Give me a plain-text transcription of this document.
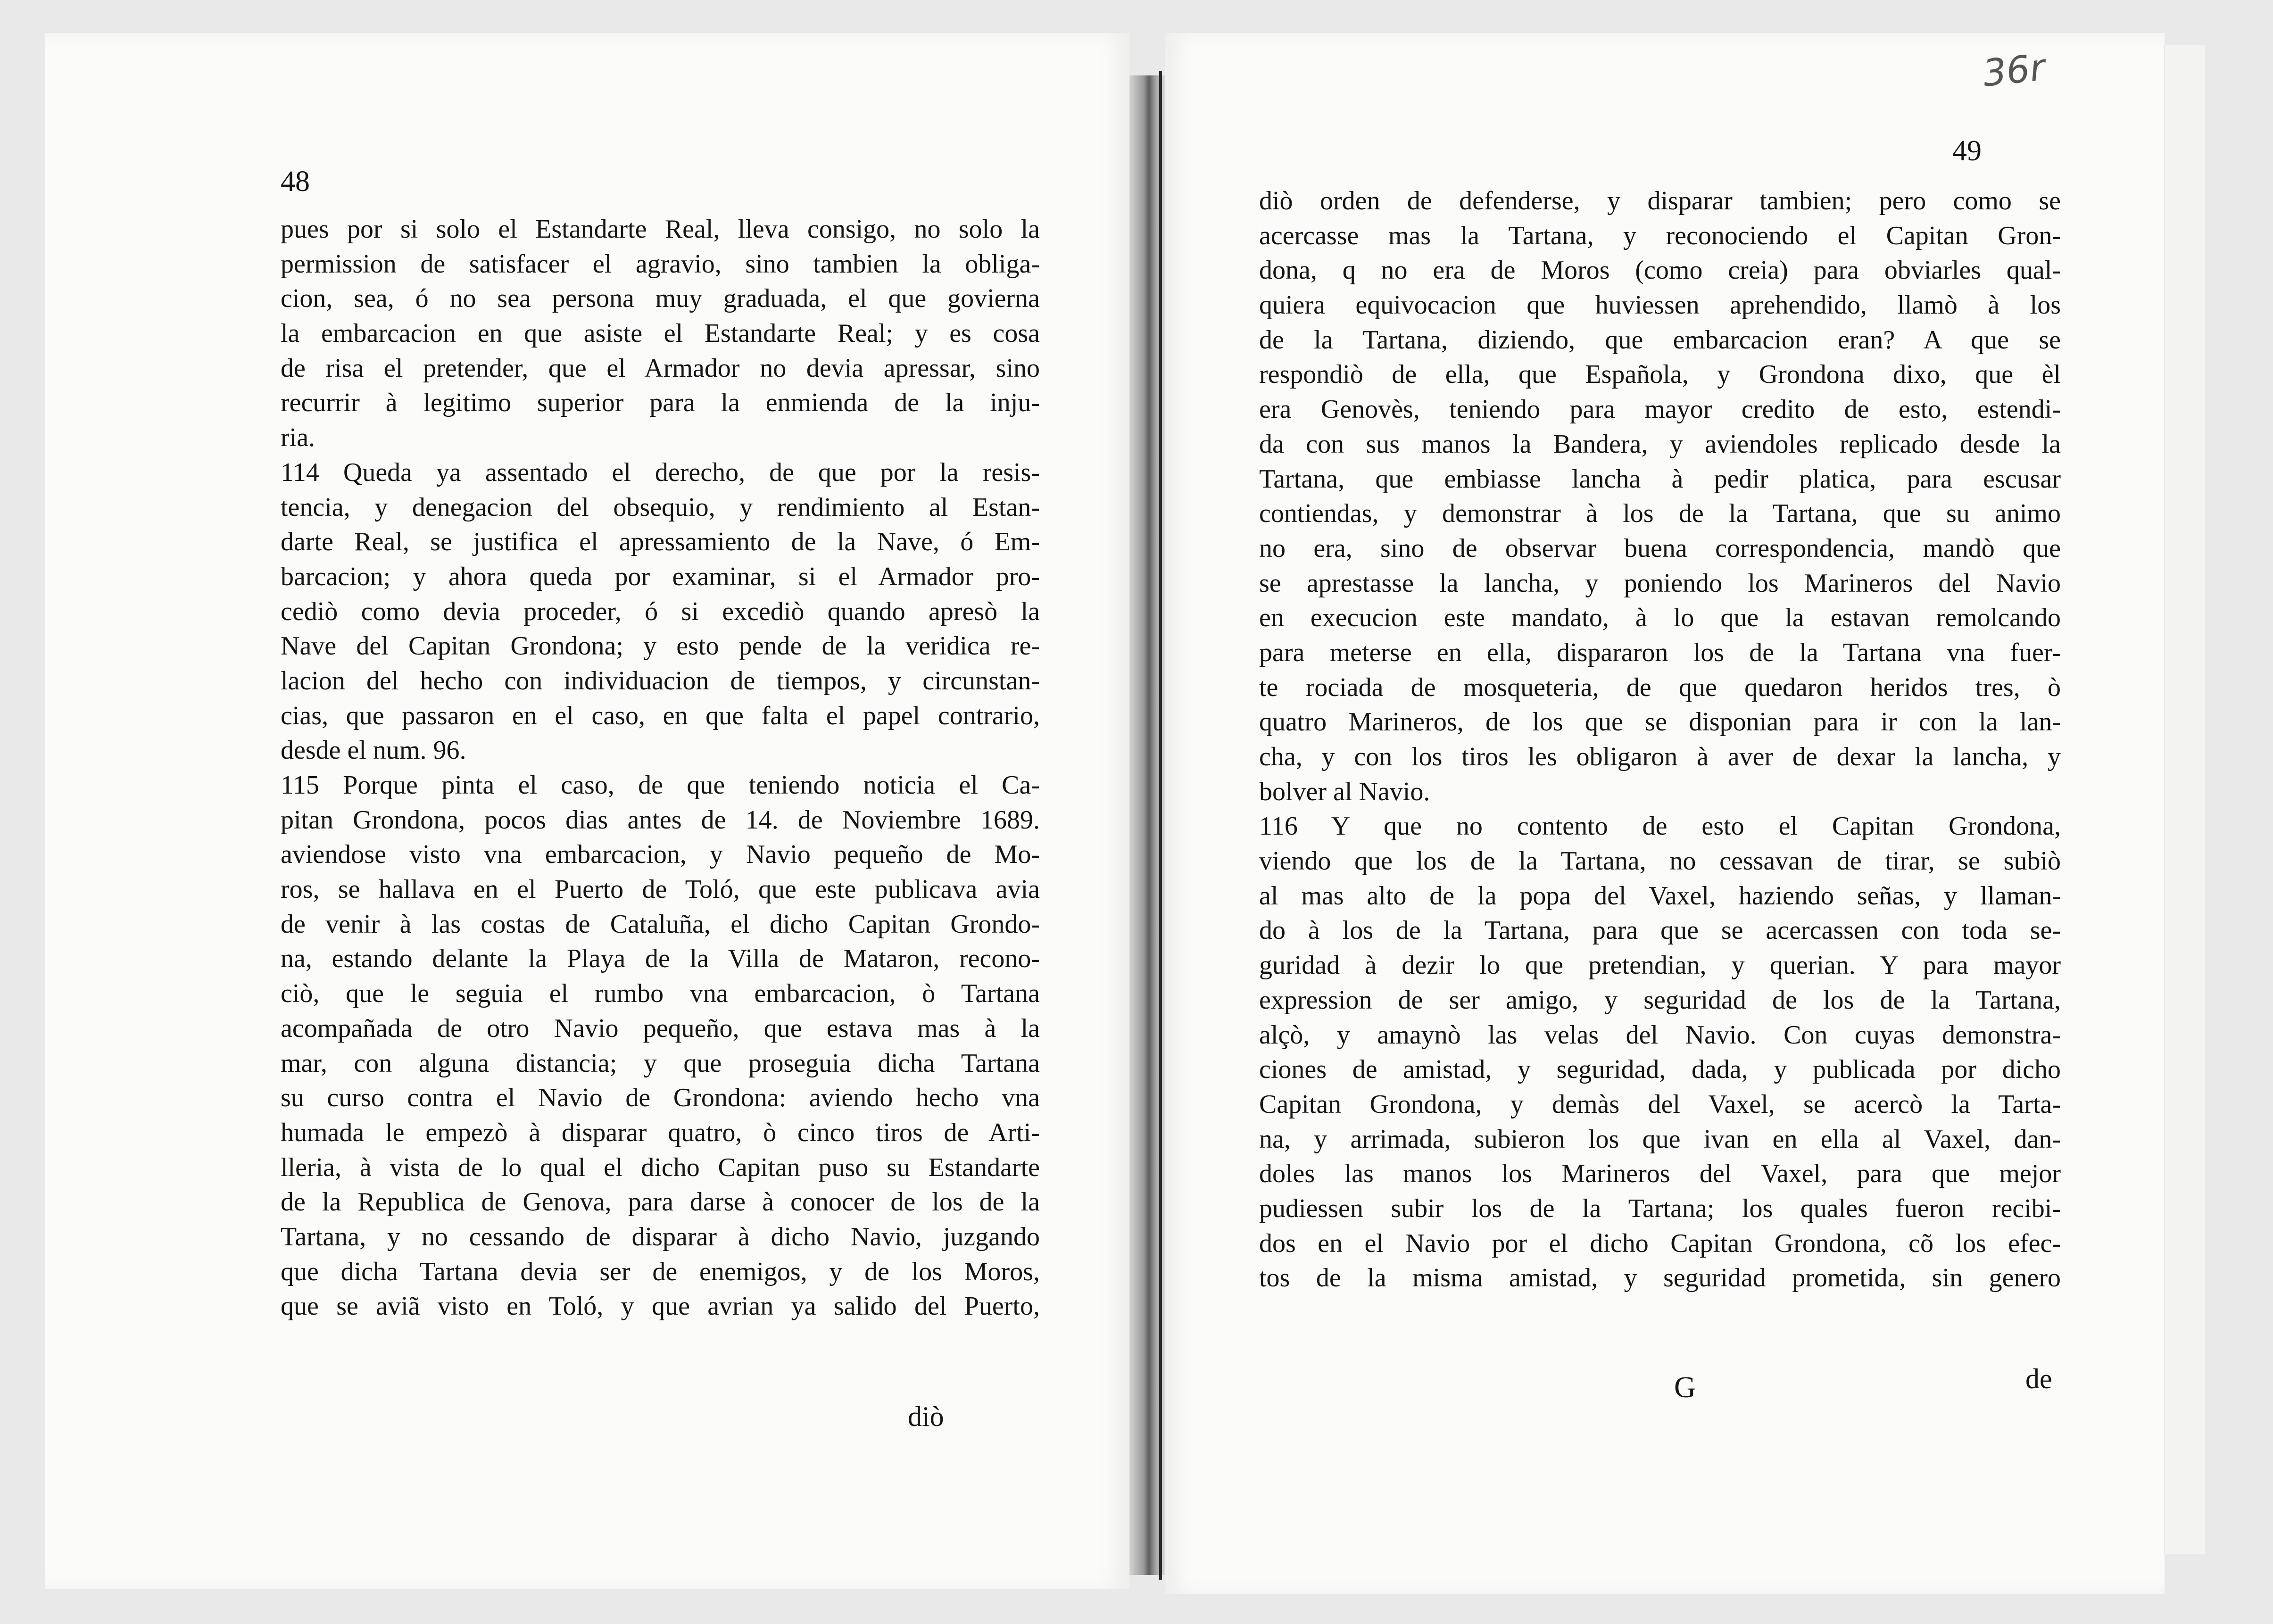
48
pues por si solo el Estandarte Real, lleva consigo, no solo la
permission de satisfacer el agravio, sino tambien la obliga-
cion, sea, ó no sea persona muy graduada, el que govierna
la embarcacion en que asiste el Estandarte Real; y es cosa
de risa el pretender, que el Armador no devia apressar, sino
recurrir à legitimo superior para la enmienda de la inju-
ria.
114 Queda ya assentado el derecho, de que por la resis-
tencia, y denegacion del obsequio, y rendimiento al Estan-
darte Real, se justifica el apressamiento de la Nave, ó Em-
barcacion; y ahora queda por examinar, si el Armador pro-
cediò como devia proceder, ó si excediò quando apresò la
Nave del Capitan Grondona; y esto pende de la veridica re-
lacion del hecho con individuacion de tiempos, y circunstan-
cias, que passaron en el caso, en que falta el papel contrario,
desde el num. 96.
115 Porque pinta el caso, de que teniendo noticia el Ca-
pitan Grondona, pocos dias antes de 14. de Noviembre 1689.
aviendose visto vna embarcacion, y Navio pequeño de Mo-
ros, se hallava en el Puerto de Toló, que este publicava avia
de venir à las costas de Cataluña, el dicho Capitan Grondo-
na, estando delante la Playa de la Villa de Mataron, recono-
ciò, que le seguia el rumbo vna embarcacion, ò Tartana
acompañada de otro Navio pequeño, que estava mas à la
mar, con alguna distancia; y que proseguia dicha Tartana
su curso contra el Navio de Grondona: aviendo hecho vna
humada le empezò à disparar quatro, ò cinco tiros de Arti-
lleria, à vista de lo qual el dicho Capitan puso su Estandarte
de la Republica de Genova, para darse à conocer de los de la
Tartana, y no cessando de disparar à dicho Navio, juzgando
que dicha Tartana devia ser de enemigos, y de los Moros,
que se aviã visto en Toló, y que avrian ya salido del Puerto,
diò
36r
49
diò orden de defenderse, y disparar tambien; pero como se
acercasse mas la Tartana, y reconociendo el Capitan Gron-
dona, q no era de Moros (como creia) para obviarles qual-
quiera equivocacion que huviessen aprehendido, llamò à los
de la Tartana, diziendo, que embarcacion eran? A que se
respondiò de ella, que Española, y Grondona dixo, que èl
era Genovès, teniendo para mayor credito de esto, estendi-
da con sus manos la Bandera, y aviendoles replicado desde la
Tartana, que embiasse lancha à pedir platica, para escusar
contiendas, y demonstrar à los de la Tartana, que su animo
no era, sino de observar buena correspondencia, mandò que
se aprestasse la lancha, y poniendo los Marineros del Navio
en execucion este mandato, à lo que la estavan remolcando
para meterse en ella, dispararon los de la Tartana vna fuer-
te rociada de mosqueteria, de que quedaron heridos tres, ò
quatro Marineros, de los que se disponian para ir con la lan-
cha, y con los tiros les obligaron à aver de dexar la lancha, y
bolver al Navio.
116 Y que no contento de esto el Capitan Grondona,
viendo que los de la Tartana, no cessavan de tirar, se subiò
al mas alto de la popa del Vaxel, haziendo señas, y llaman-
do à los de la Tartana, para que se acercassen con toda se-
guridad à dezir lo que pretendian, y querian. Y para mayor
expression de ser amigo, y seguridad de los de la Tartana,
alçò, y amaynò las velas del Navio. Con cuyas demonstra-
ciones de amistad, y seguridad, dada, y publicada por dicho
Capitan Grondona, y demàs del Vaxel, se acercò la Tarta-
na, y arrimada, subieron los que ivan en ella al Vaxel, dan-
doles las manos los Marineros del Vaxel, para que mejor
pudiessen subir los de la Tartana; los quales fueron recibi-
dos en el Navio por el dicho Capitan Grondona, cõ los efec-
tos de la misma amistad, y seguridad prometida, sin genero
G	de
